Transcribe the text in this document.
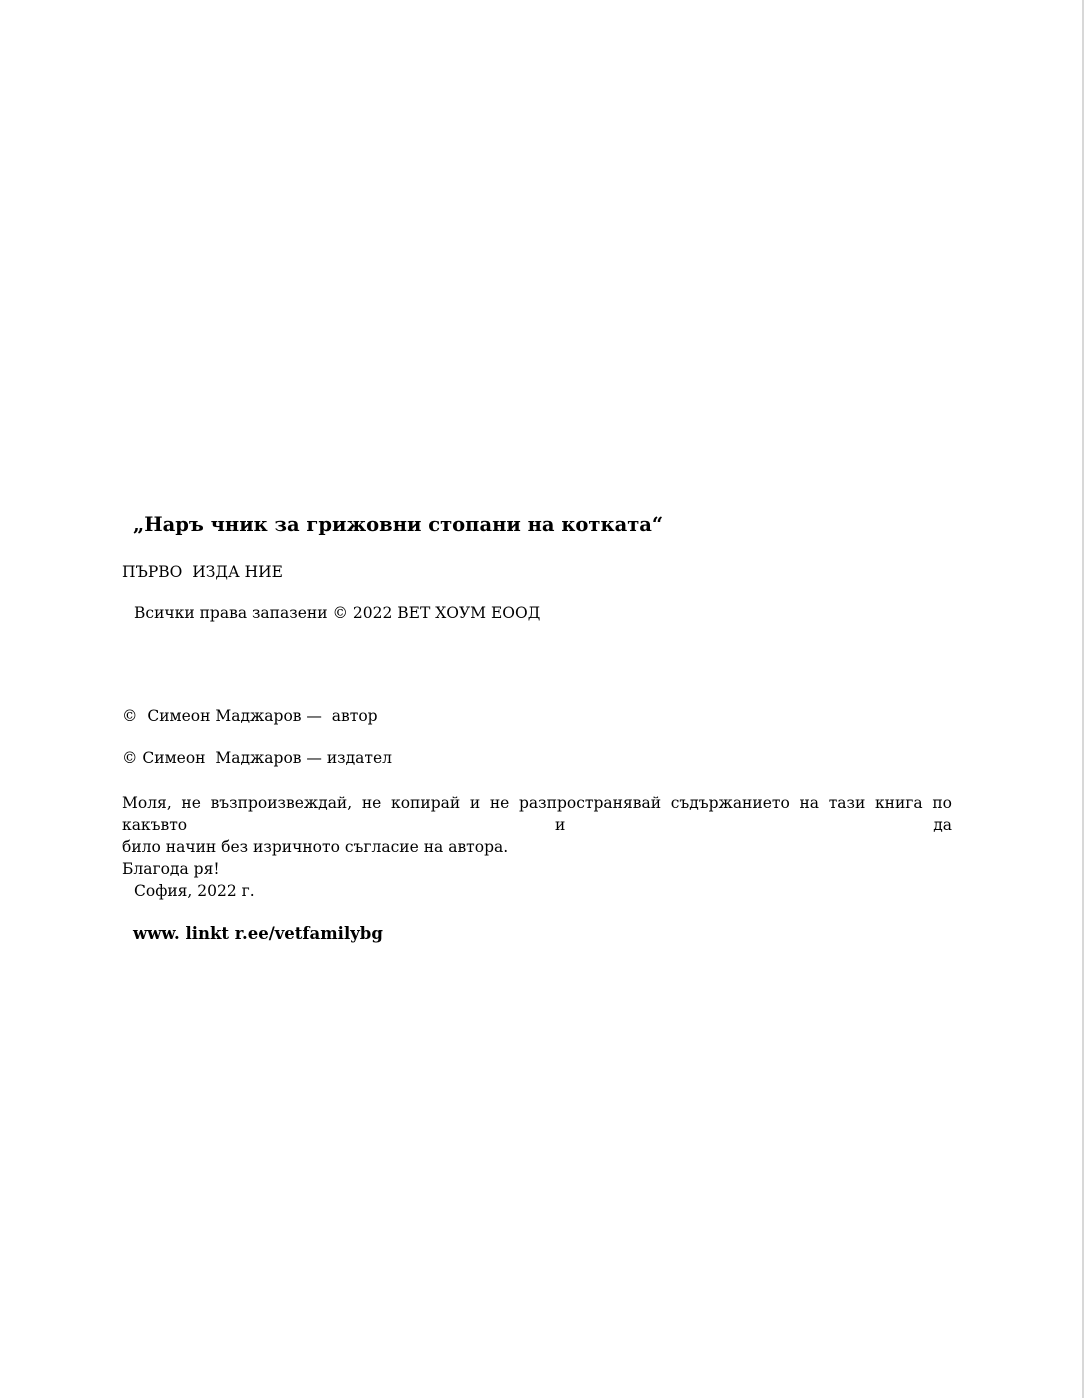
„Наръ чник за грижовни стопани на котката“
ПЪРВО  ИЗДА НИЕ
Всички права запазени © 2022 ВЕТ ХОУМ ЕООД
©  Симеон Маджаров —  автор
© Симеон  Маджаров — издател
Моля, не възпроизвеждай, не копирай и не разпространявай съдържанието на тази книга по какъвто и да
било начин без изричното съгласие на автора.
Благода ря!
София, 2022 г.
www. linkt r.ee/vetfamilybg
